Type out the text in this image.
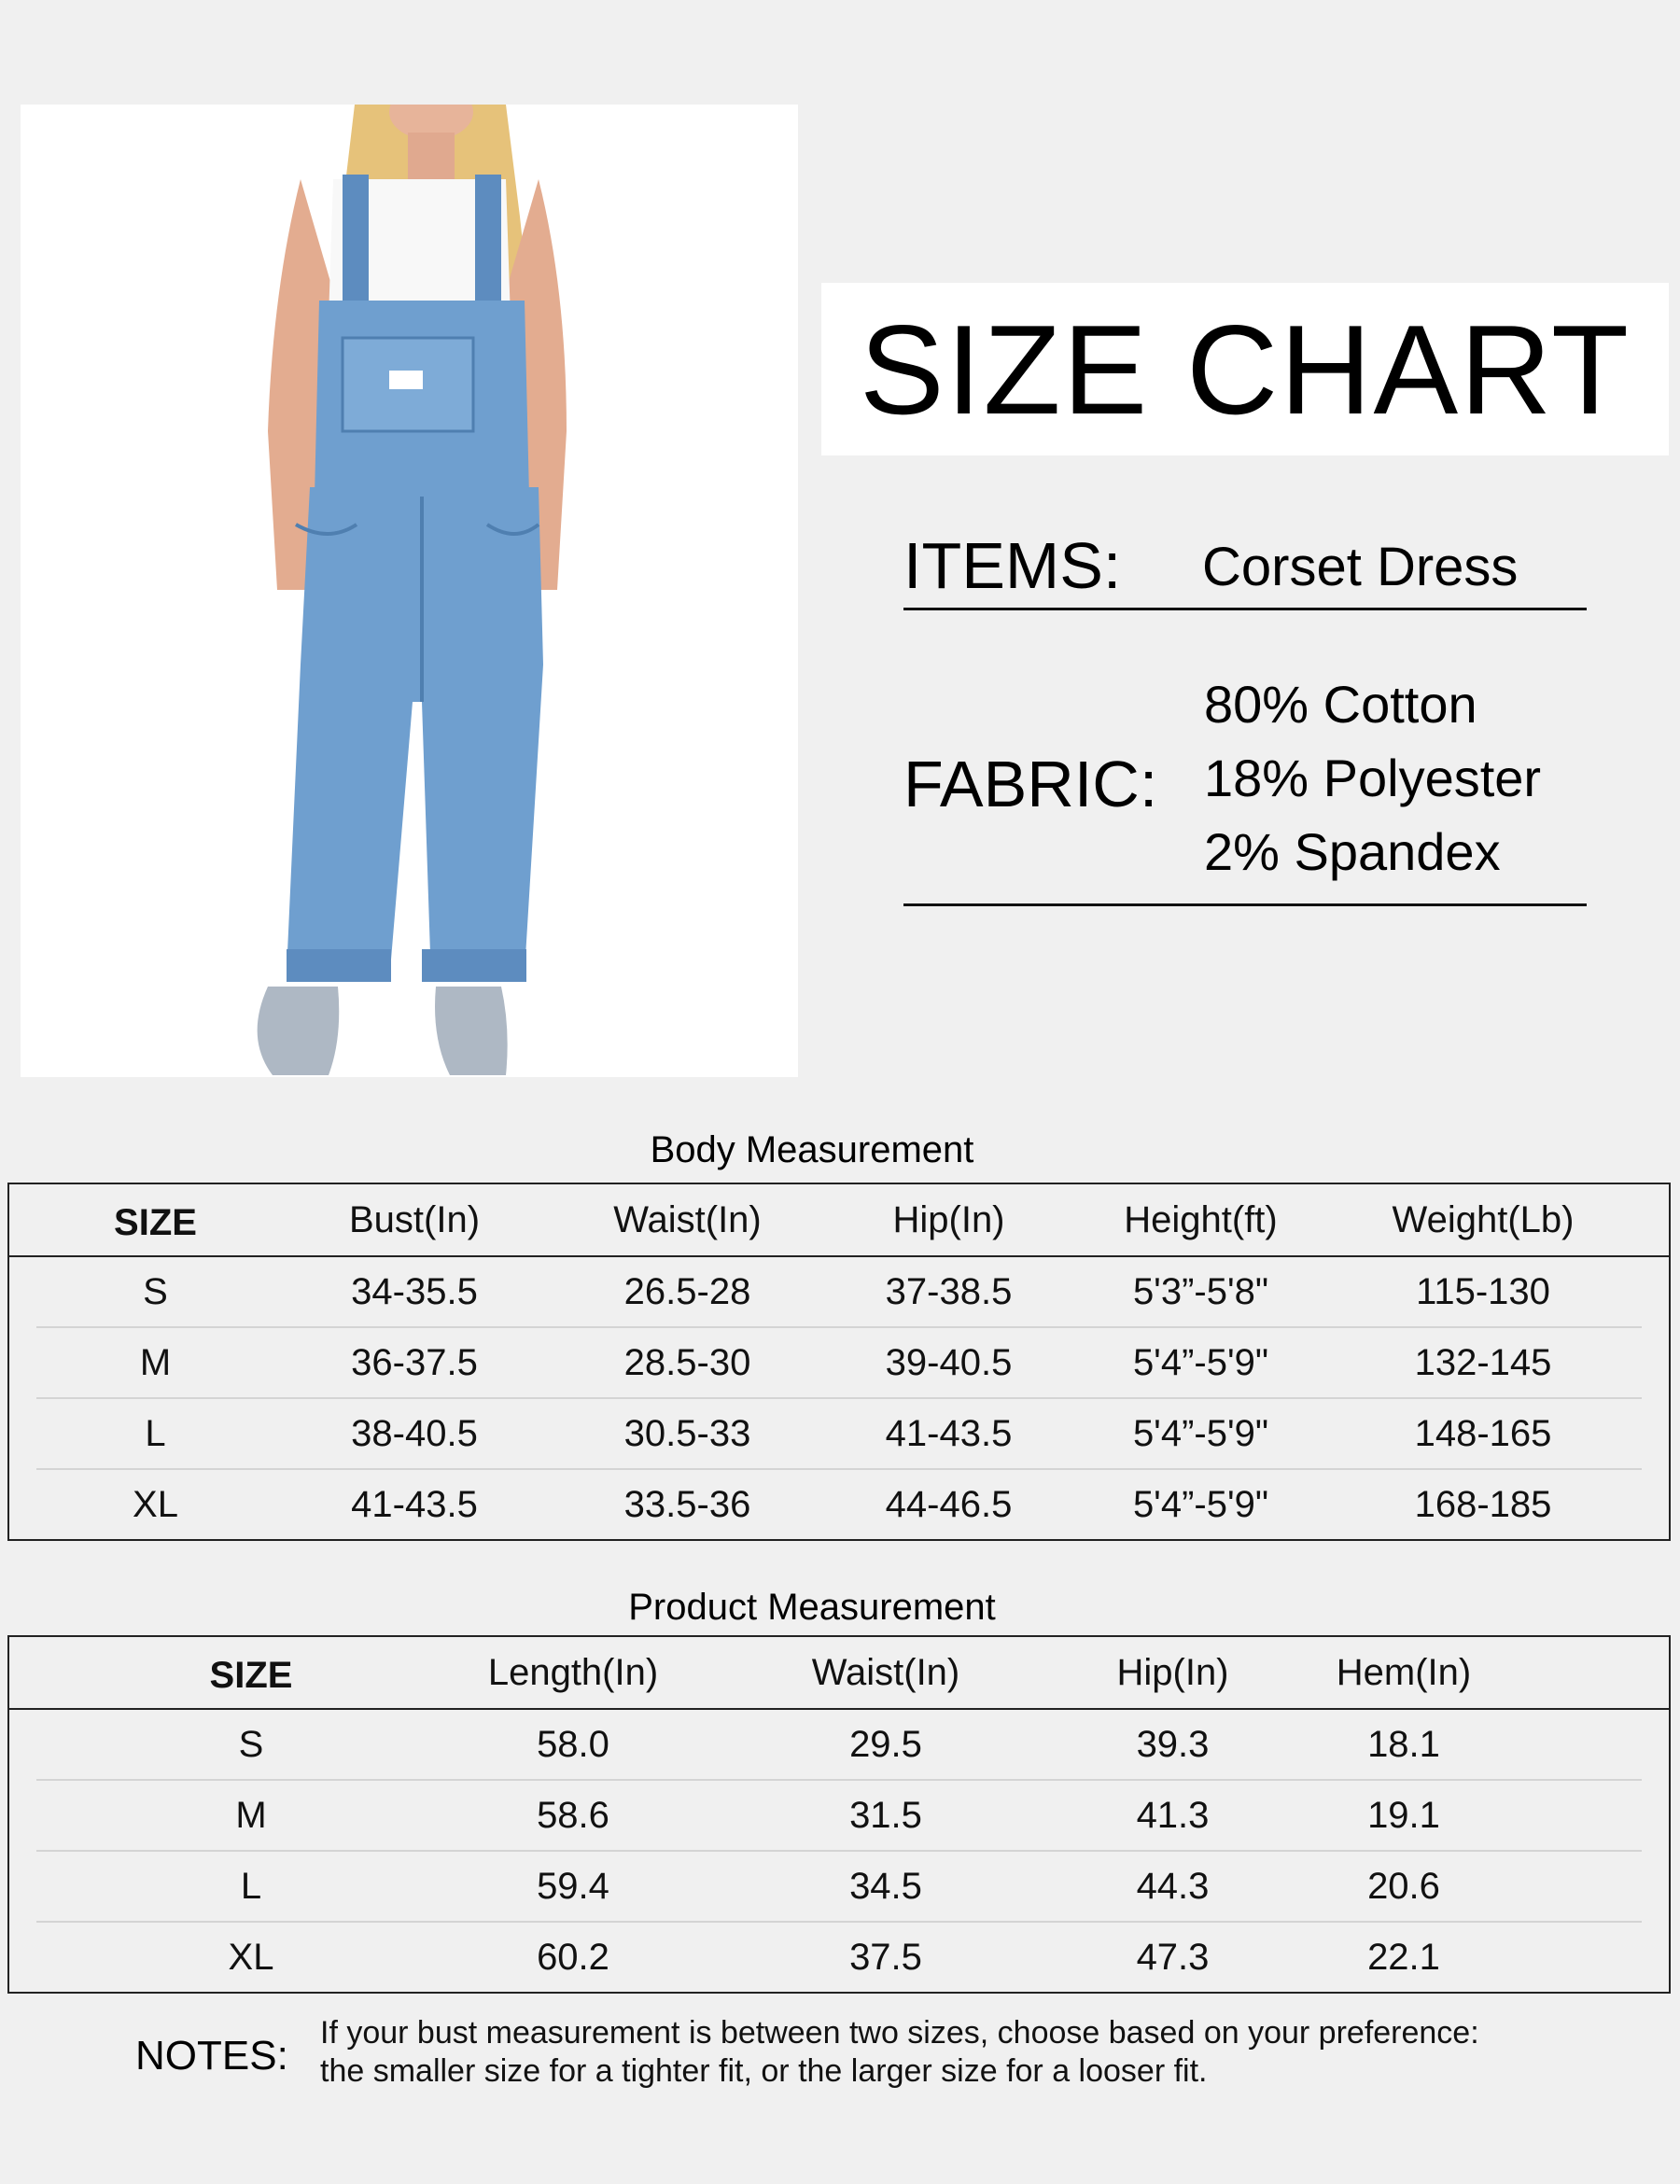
SIZE CHART
ITEMS: Corset Dress
FABRIC:
80% Cotton
18% Polyester
2% Spandex
Body Measurement
	SIZE	Bust(In)	Waist(In)	Hip(In)	Height(ft)	Weight(Lb)	
	S	34-35.5	26.5-28	37-38.5	5'3”-5'8"	115-130	
	M	36-37.5	28.5-30	39-40.5	5'4”-5'9"	132-145	
	L	38-40.5	30.5-33	41-43.5	5'4”-5'9"	148-165	
	XL	41-43.5	33.5-36	44-46.5	5'4”-5'9"	168-185	
Product Measurement
	SIZE	Length(In)	Waist(In)	Hip(In)	Hem(In)		
	S	58.0	29.5	39.3	18.1		
	M	58.6	31.5	41.3	19.1		
	L	59.4	34.5	44.3	20.6		
	XL	60.2	37.5	47.3	22.1		
NOTES: If your bust measurement is between two sizes, choose based on your preference:
the smaller size for a tighter fit, or the larger size for a looser fit.
